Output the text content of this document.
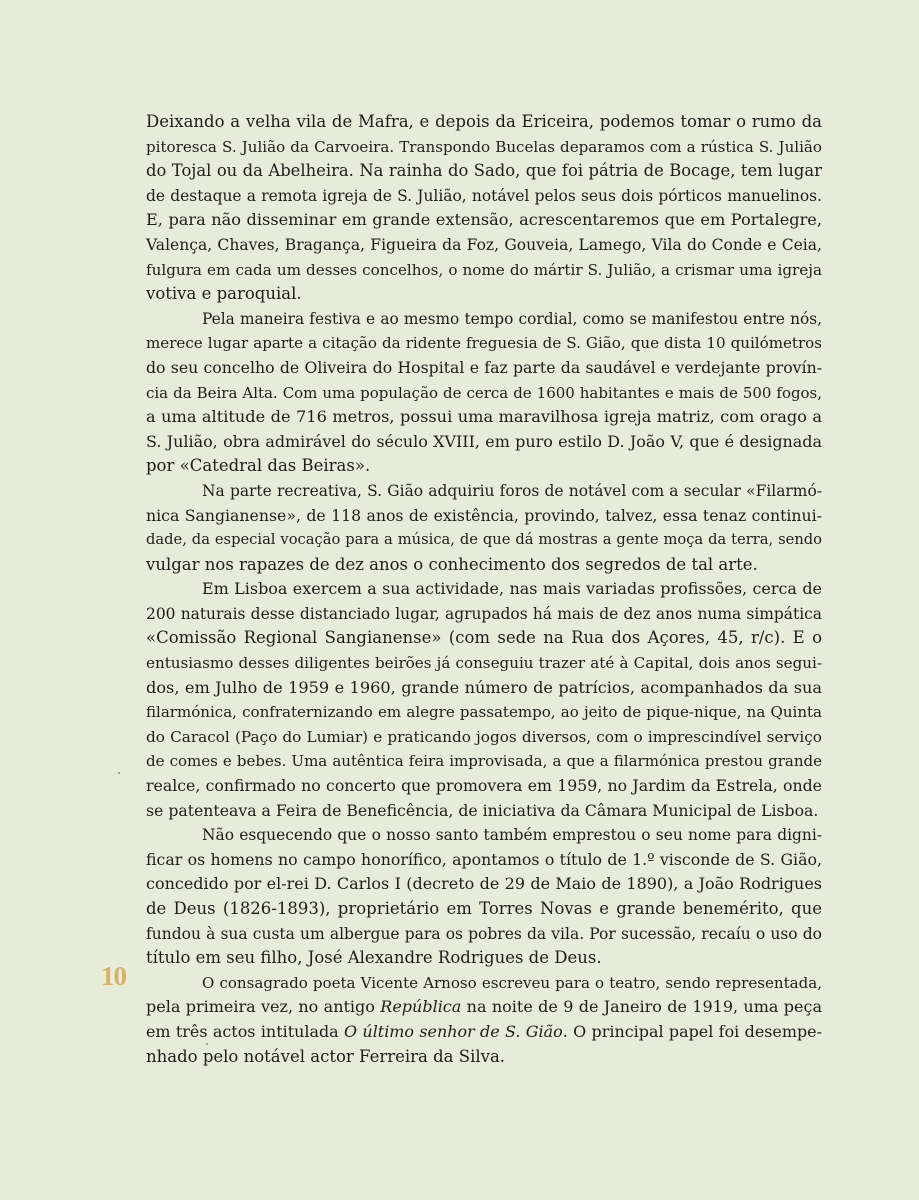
Deixando a velha vila de Mafra, e depois da Ericeira, podemos tomar o rumo da
pitoresca S. Julião da Carvoeira. Transpondo Bucelas deparamos com a rústica S. Julião
do Tojal ou da Abelheira. Na rainha do Sado, que foi pátria de Bocage, tem lugar
de destaque a remota igreja de S. Julião, notável pelos seus dois pórticos manuelinos.
E, para não disseminar em grande extensão, acrescentaremos que em Portalegre,
Valença, Chaves, Bragança, Figueira da Foz, Gouveia, Lamego, Vila do Conde e Ceia,
fulgura em cada um desses concelhos, o nome do mártir S. Julião, a crismar uma igreja
votiva e paroquial.
Pela maneira festiva e ao mesmo tempo cordial, como se manifestou entre nós,
merece lugar aparte a citação da ridente freguesia de S. Gião, que dista 10 quilómetros
do seu concelho de Oliveira do Hospital e faz parte da saudável e verdejante provín-
cia da Beira Alta. Com uma população de cerca de 1600 habitantes e mais de 500 fogos,
a uma altitude de 716 metros, possui uma maravilhosa igreja matriz, com orago a
S. Julião, obra admirável do século XVIII, em puro estilo D. João V, que é designada
por «Catedral das Beiras».
Na parte recreativa, S. Gião adquiriu foros de notável com a secular «Filarmó-
nica Sangianense», de 118 anos de existência, provindo, talvez, essa tenaz continui-
dade, da especial vocação para a música, de que dá mostras a gente moça da terra, sendo
vulgar nos rapazes de dez anos o conhecimento dos segredos de tal arte.
Em Lisboa exercem a sua actividade, nas mais variadas profissões, cerca de
200 naturais desse distanciado lugar, agrupados há mais de dez anos numa simpática
«Comissão Regional Sangianense» (com sede na Rua dos Açores, 45, r/c). E o
entusiasmo desses diligentes beirões já conseguiu trazer até à Capital, dois anos segui-
dos, em Julho de 1959 e 1960, grande número de patrícios, acompanhados da sua
filarmónica, confraternizando em alegre passatempo, ao jeito de pique-nique, na Quinta
do Caracol (Paço do Lumiar) e praticando jogos diversos, com o imprescindível serviço
de comes e bebes. Uma autêntica feira improvisada, a que a filarmónica prestou grande
realce, confirmado no concerto que promovera em 1959, no Jardim da Estrela, onde
se patenteava a Feira de Beneficência, de iniciativa da Câmara Municipal de Lisboa.
Não esquecendo que o nosso santo também emprestou o seu nome para digni-
ficar os homens no campo honorífico, apontamos o título de 1.º visconde de S. Gião,
concedido por el-rei D. Carlos I (decreto de 29 de Maio de 1890), a João Rodrigues
de Deus (1826-1893), proprietário em Torres Novas e grande benemérito, que
fundou à sua custa um albergue para os pobres da vila. Por sucessão, recaíu o uso do
título em seu filho, José Alexandre Rodrigues de Deus.
O consagrado poeta Vicente Arnoso escreveu para o teatro, sendo representada,
pela primeira vez, no antigo República na noite de 9 de Janeiro de 1919, uma peça
em três actos intitulada O último senhor de S. Gião. O principal papel foi desempe-
nhado pelo notável actor Ferreira da Silva.
10
